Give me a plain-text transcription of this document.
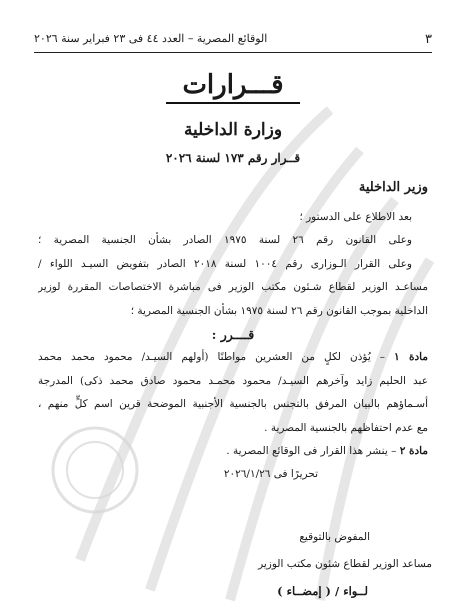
٣
الوقائع المصرية – العدد ٤٤ فى ٢٣ فبراير سنة ٢٠٢٦
قـــرارات
وزارة الداخلية
قــرار رقم ١٧٣ لسنة ٢٠٢٦
وزير الداخلية
بعد الاطلاع على الدستور ؛
وعلى القانون رقم ٢٦ لسنة ١٩٧٥ الصادر بشأن الجنسية المصرية ؛
وعلى القرار الـوزارى رقم ١٠٠٤ لسنة ٢٠١٨ الصادر بتفويض السيـد اللواء /
مساعـد الوزير لقطاع شـئون مكتب الوزير فى مباشرة الاختصاصات المقررة لوزير
الداخلية بموجب القانون رقم ٢٦ لسنة ١٩٧٥ بشأن الجنسية المصرية ؛
قــــرر :
مادة ١ – يُؤذن لكلٍ من العشرين مواطنًا (أولهم السيـد/ محمود محمد محمد
عبد الحليم زايد وآخرهم السيـد/ محمود محمـد محمود صادق محمد ذكى) المدرجة
أسـماؤهم بالبيان المرفق بالتجنس بالجنسية الأجنبية الموضحة قرين اسم كلٍّ منهم ،
مع عدم احتفاظهم بالجنسية المصرية .
مادة ٢ – ينشر هذا القرار فى الوقائع المصرية .
تحريرًا فى ٢٠٢٦/١/٢٦
المفوض بالتوقيع
مساعد الوزير لقطاع شئون مكتب الوزير
لــواء / ( إمضــاء )
